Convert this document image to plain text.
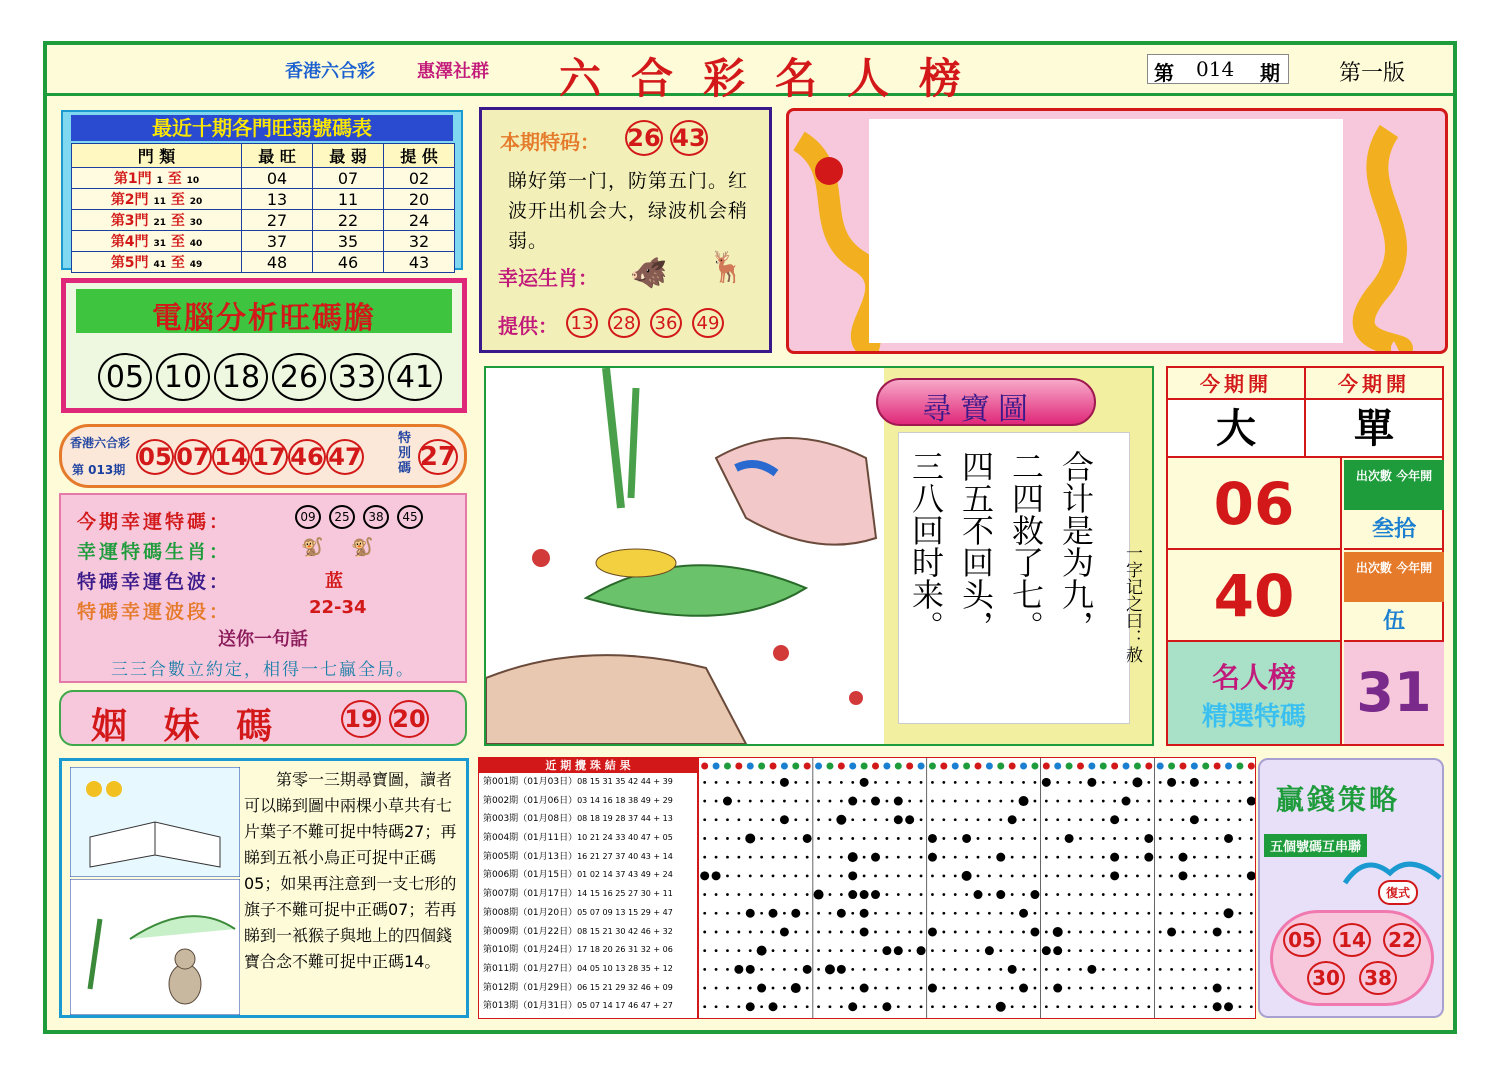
香港六合彩 惠澤社群 六合彩名人榜	第 014 期	第一版
最近十期各門旺弱號碼表
門 類	最 旺	最 弱	提 供
第1門 1 至 10	04	07	02
第2門 11 至 20	13	11	20
第3門 21 至 30	27	22	24
第4門 31 至 40	37	35	32
第5門 41 至 49	48	46	43
電腦分析旺碼膽
05 10 18 26 33 41
香港六合彩
第 013期 05 07 14 17 46 47
特別碼 27
今期幸運特碼：	09	25	38	45
幸運特碼生肖：	🐒 🐒
特碼幸運色波：	蓝
特碼幸運波段：	22-34
送你一句話
三三合數立約定，相得一七贏全局。
姻 妹 碼	19 20
本期特码： 26 43
睇好第一门，防第五门。红波开出机会大，绿波机会稍弱。
幸运生肖： 🐗 🦌
提供： 13 28 36 49
尋寶圖
合计是为九，
二四救了七。
四五不回头，
三八回时来。	一字记之曰：赦
今期開	今期開
大	單
06	出次數 今年開
叁拾
40	出次數 今年開
伍
名人榜
精選特碼 31
第零一三期尋寶圖，讀者可以睇到圖中兩棵小草共有七片葉子不難可捉中特碼27；再睇到五衹小鳥正可捉中正碼05；如果再注意到一支七形的旗子不難可捉中正碼07；若再睇到一衹猴子與地上的四個錢寶合念不難可捉中正碼14。
近 期 攪 珠 結 果
第001期（01月03日）08 15 31 35 42 44 + 39
第002期（01月06日）03 14 16 18 38 49 + 29
第003期（01月08日）08 18 19 28 37 44 + 13
第004期（01月11日）10 21 24 33 40 47 + 05
第005期（01月13日）16 21 27 37 40 43 + 14
第006期（01月15日）01 02 14 37 43 49 + 24
第007期（01月17日）14 15 16 25 27 30 + 11
第008期（01月20日）05 07 09 13 15 29 + 47
第009期（01月22日）08 15 21 30 42 46 + 32
第010期（01月24日）17 18 20 26 31 32 + 06
第011期（01月27日）04 05 10 13 28 35 + 12
第012期（01月29日）06 15 21 29 32 46 + 09
第013期（01月31日）05 07 14 17 46 47 + 27
贏錢策略
五個號碼互串聯
復式
05 14 22
30 38
